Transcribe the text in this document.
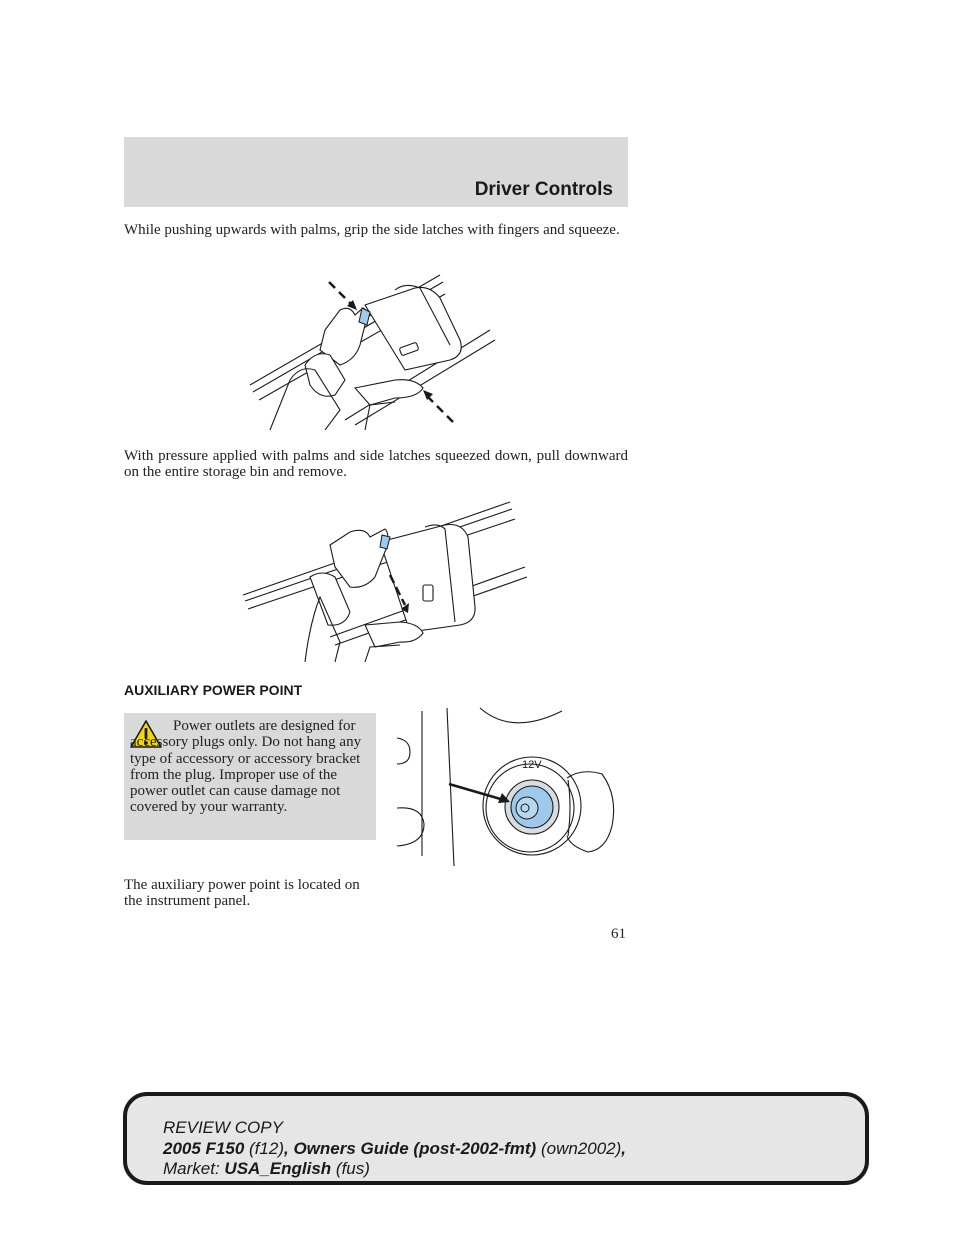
Driver Controls
While pushing upwards with palms, grip the side latches with fingers and squeeze.
With pressure applied with palms and side latches squeezed down, pull downward on the entire storage bin and remove.
AUXILIARY POWER POINT
Power outlets are designed for accessory plugs only. Do not hang any type of accessory or accessory bracket from the plug. Improper use of the power outlet can cause damage not covered by your warranty.
12V
The auxiliary power point is located on the instrument panel.
61
REVIEW COPY
2005 F150 (f12), Owners Guide (post-2002-fmt) (own2002),
Market: USA_English (fus)
